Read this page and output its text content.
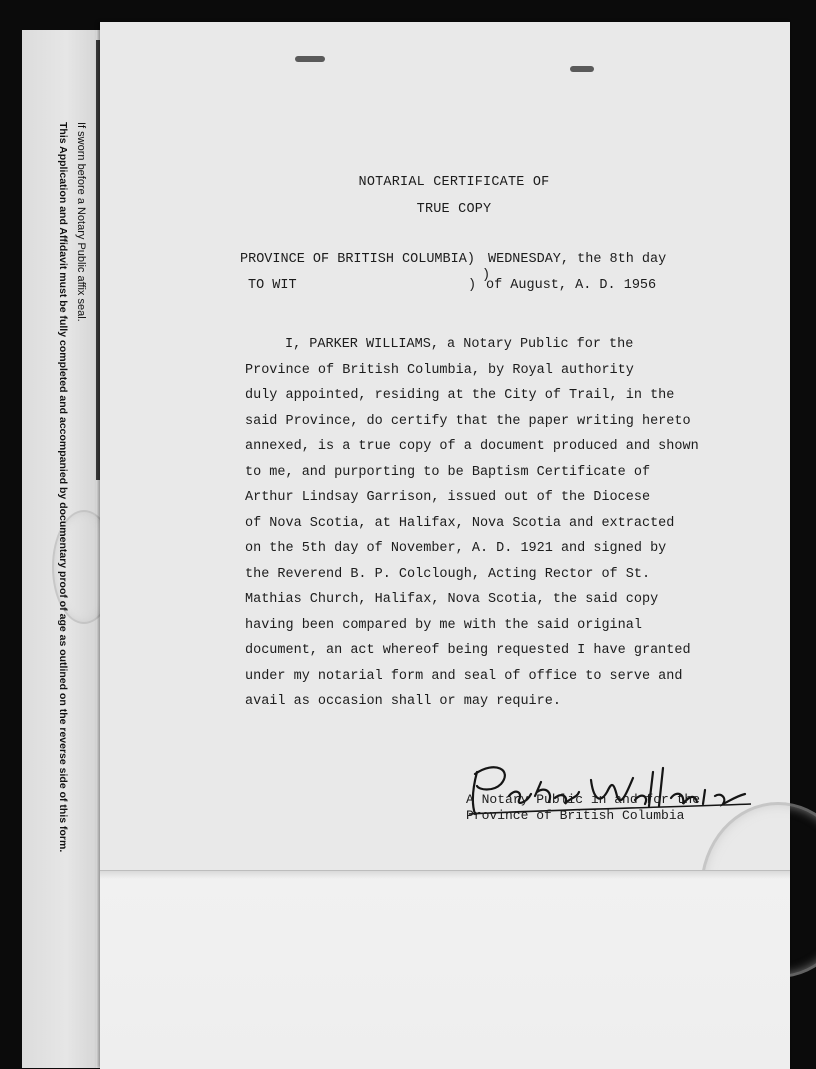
If sworn before a Notary Public affix seal.
This Application and Affidavit must be fully completed and accompanied by documentary proof of age as outlined on the reverse side of this form.	NOTARIAL CERTIFICATE OF
TRUE COPY
PROVINCE OF BRITISH COLUMBIA)
)
TO WIT	)
WEDNESDAY, the 8th day
of August, A. D. 1956
I, PARKER WILLIAMS, a Notary Public for the
Province of British Columbia, by Royal authority
duly appointed, residing at the City of Trail, in the
said Province, do certify that the paper writing hereto
annexed, is a true copy of a document produced and shown
to me, and purporting to be Baptism Certificate of
Arthur Lindsay Garrison, issued out of the Diocese
of Nova Scotia, at Halifax, Nova Scotia and extracted
on the 5th day of November, A. D. 1921 and signed by
the Reverend B. P. Colclough, Acting Rector of St.
Mathias Church, Halifax, Nova Scotia, the said copy
having been compared by me with the said original
document, an act whereof being requested I have granted
under my notarial form and seal of office to serve and
avail as occasion shall or may require.
A Notary Public in and for the
Province of British Columbia
